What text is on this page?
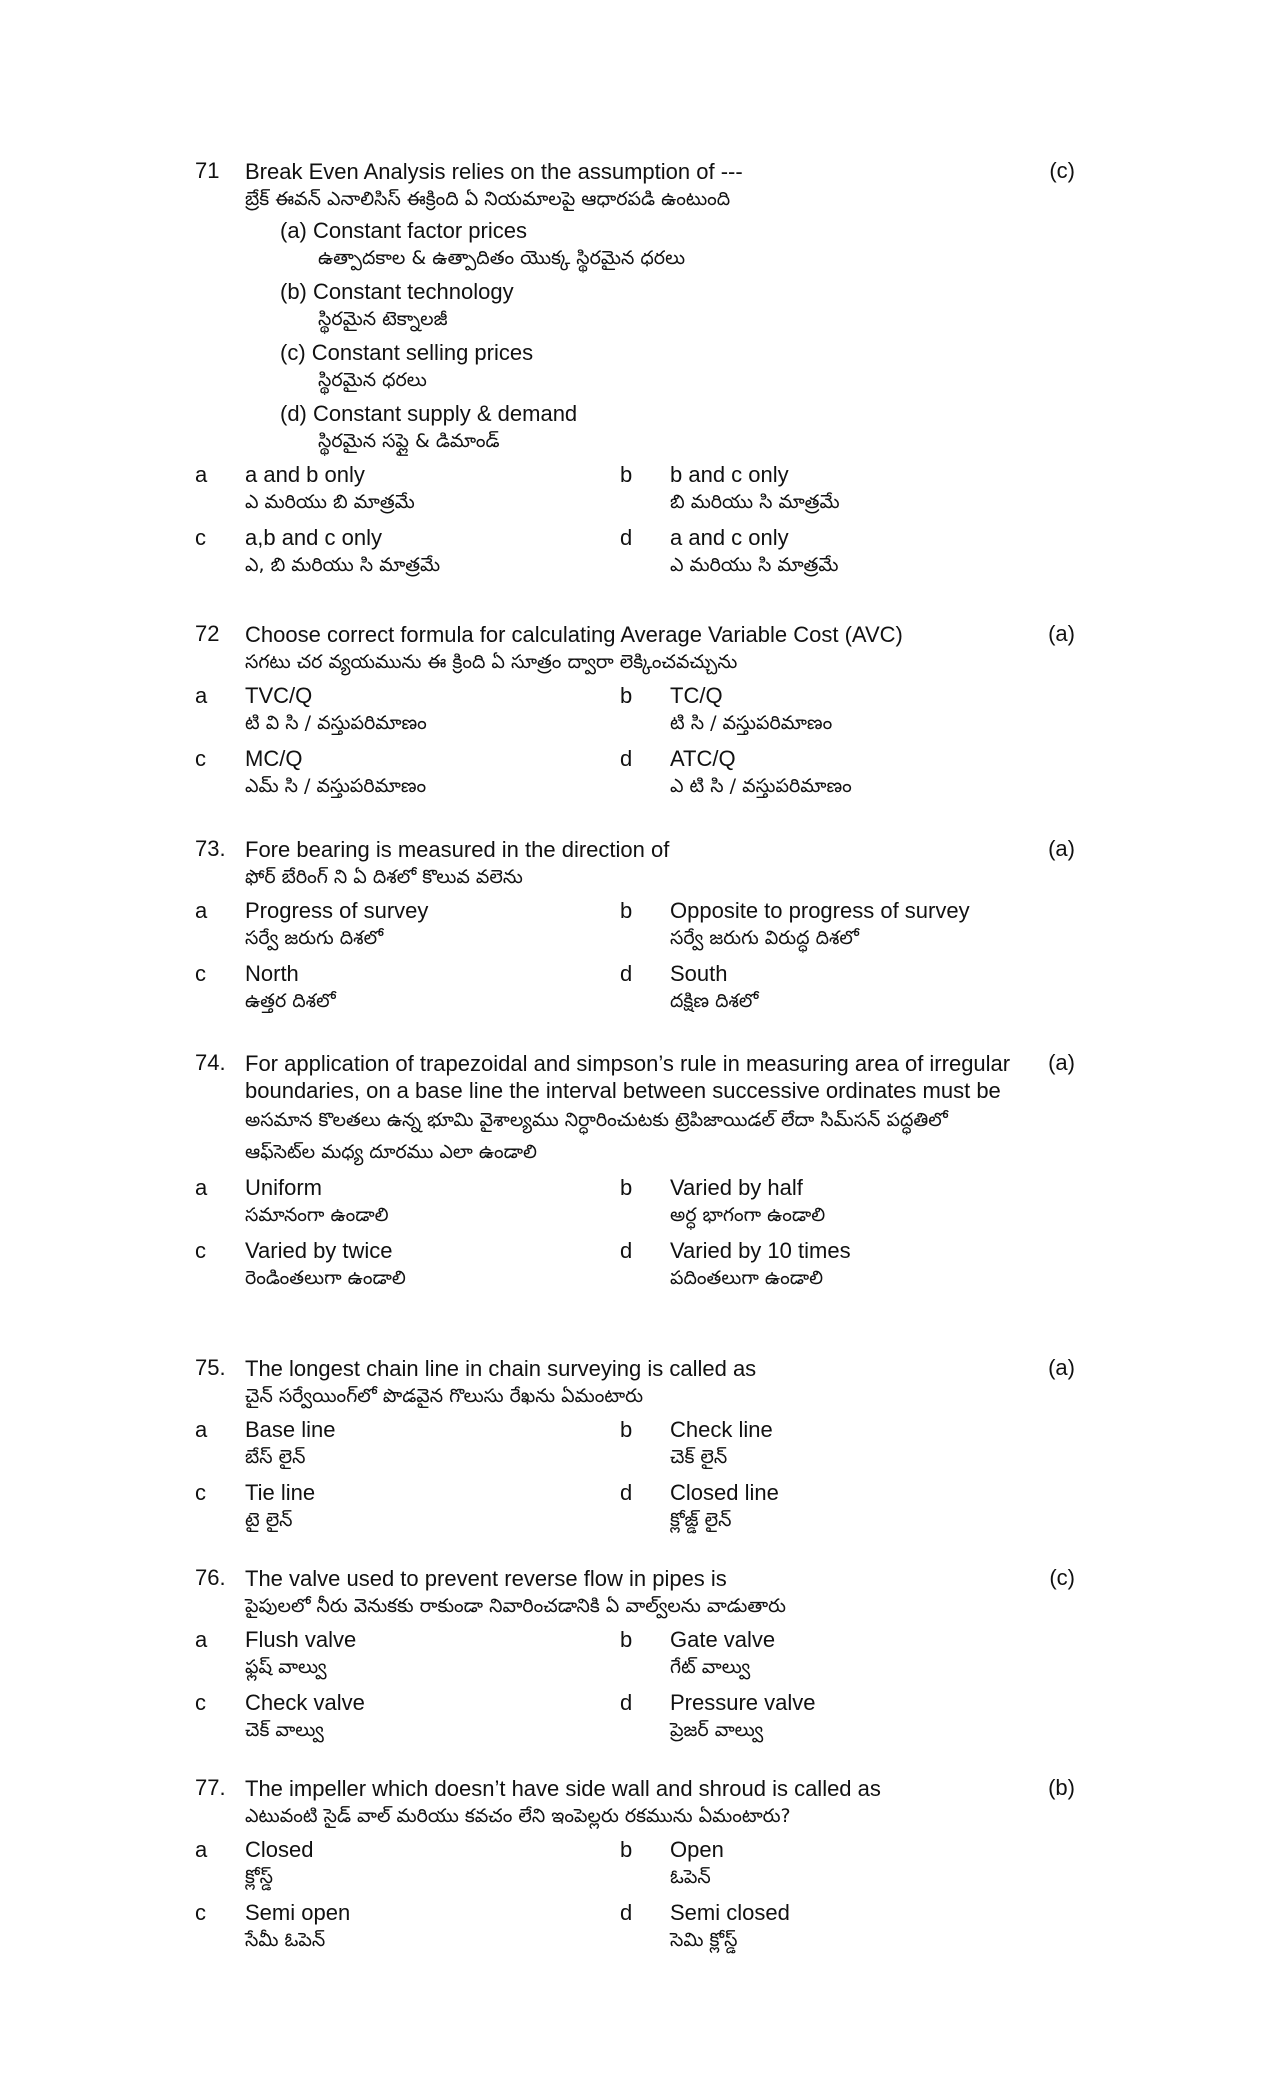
71	(c)
Break Even Analysis relies on the assumption of ---
బ్రేక్ ఈవన్ ఎనాలిసిస్ ఈక్రింది ఏ నియమాలపై ఆధారపడి ఉంటుంది
(a) Constant factor prices
ఉత్పాదకాల & ఉత్పాదితం యొక్క స్థిరమైన ధరలు
(b) Constant technology
స్థిరమైన టెక్నాలజీ
(c) Constant selling prices
స్థిరమైన ధరలు
(d) Constant supply & demand
స్థిరమైన సప్లై & డిమాండ్
a	a and b only
ఎ మరియు బి మాత్రమే
b	b and c only
బి మరియు సి మాత్రమే
c	a,b and c only
ఎ, బి మరియు సి మాత్రమే
d	a and c only
ఎ మరియు సి మాత్రమే
72	(a)
Choose correct formula for calculating Average Variable Cost (AVC)
సగటు చర వ్యయమును ఈ క్రింది ఏ సూత్రం ద్వారా లెక్కించవచ్చును
a	TVC/Q
టి వి సి / వస్తుపరిమాణం
b	TC/Q
టి సి / వస్తుపరిమాణం
c	MC/Q
ఎమ్ సి / వస్తుపరిమాణం
d	ATC/Q
ఎ టి సి / వస్తుపరిమాణం
73.	(a)
Fore bearing is measured in the direction of
ఫోర్ బేరింగ్ ని ఏ దిశలో కొలువ వలెను
a	Progress of survey
సర్వే జరుగు దిశలో
b	Opposite to progress of survey
సర్వే జరుగు విరుద్ధ దిశలో
c	North
ఉత్తర దిశలో
d	South
దక్షిణ దిశలో
74.	(a)
For application of trapezoidal and simpson’s rule in measuring area of irregular boundaries, on a base line the interval between successive ordinates must be
అసమాన కొలతలు ఉన్న భూమి వైశాల్యము నిర్ధారించుటకు ట్రెపిజాయిడల్ లేదా సిమ్‌సన్ పద్ధతిలో ఆఫ్‌సెట్‌ల మధ్య దూరము ఎలా ఉండాలి
a	Uniform
సమానంగా ఉండాలి
b	Varied by half
అర్ధ భాగంగా ఉండాలి
c	Varied by twice
రెండింతలుగా ఉండాలి
d	Varied by 10 times
పదింతలుగా ఉండాలి
75.	(a)
The longest chain line in chain surveying is called as
చైన్ సర్వేయింగ్‌లో పొడవైన గొలుసు రేఖను ఏమంటారు
a	Base line
బేస్ లైన్
b	Check line
చెక్ లైన్
c	Tie line
టై లైన్
d	Closed line
క్లోజ్డ్ లైన్
76.	(c)
The valve used to prevent reverse flow in pipes is
పైపులలో నీరు వెనుకకు రాకుండా నివారించడానికి ఏ వాల్వ్‌లను వాడుతారు
a	Flush valve
ఫ్లష్ వాల్వు
b	Gate valve
గేట్ వాల్వు
c	Check valve
చెక్ వాల్వు
d	Pressure valve
ప్రెజర్ వాల్వు
77.	(b)
The impeller which doesn’t have side wall and shroud is called as
ఎటువంటి సైడ్ వాల్ మరియు కవచం లేని ఇంపెల్లరు రకమును ఏమంటారు?
a	Closed
క్లోస్డ్
b	Open
ఓపెన్
c	Semi open
సేమీ ఓపెన్
d	Semi closed
సెమి క్లోస్డ్
